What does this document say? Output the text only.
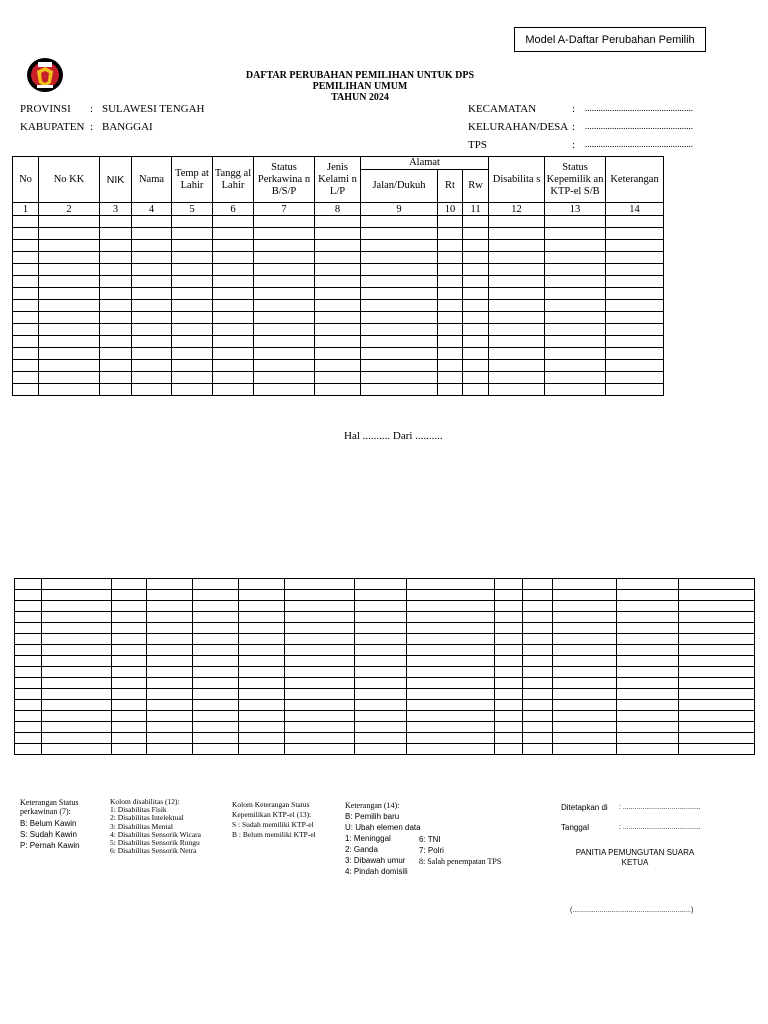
Model A-Daftar Perubahan Pemilih
DAFTAR PERUBAHAN PEMILIHAN UNTUK DPS
PEMILIHAN UMUM
TAHUN 2024
PROVINSI : SULAWESI TENGAH
KABUPATEN : BANGGAI
KECAMATAN	: ................................................
KELURAHAN/DESA : ................................................
TPS	: ................................................
No	No KK	NIK	Nama	Temp at Lahir	Tangg al Lahir	Status Perkawina n B/S/P	Jenis Kelami n L/P	Alamat			Disabilita s	Status Kepemilik an KTP-el S/B	Keterangan
								Jalan/Dukuh	Rt	Rw			
1	2	3	4	5	6	7	8	9	10	11	12	13	14

Hal .......... Dari ..........

Keterangan Status perkawinan (7):
B: Belum Kawin
S: Sudah Kawin
P: Pernah Kawin
Kolom disabilitas (12):
1: Disabilitas Fisik
2: Disabilitas Intelektual
3: Disabilitas Mental
4: Disabilitas Sensorik Wicara
5: Disabilitas Sensorik Rungu
6: Disabilitas Sensorik Netra
Kolom Keterangan Status Kepemilikan KTP-el (13):
S : Sudah memiliki KTP-el
B : Belum memiliki KTP-el
Keterangan (14):
B: Pemilih baru
U: Ubah elemen data
1: Meninggal
2: Ganda
3: Dibawah umur
4: Pindah domisili
6: TNI
7: Polri
8: Salah penempatan TPS
Ditetapkan di : ........................................
Tanggal	: ........................................
PANITIA PEMUNGUTAN SUARA
KETUA
(.............................................................)
